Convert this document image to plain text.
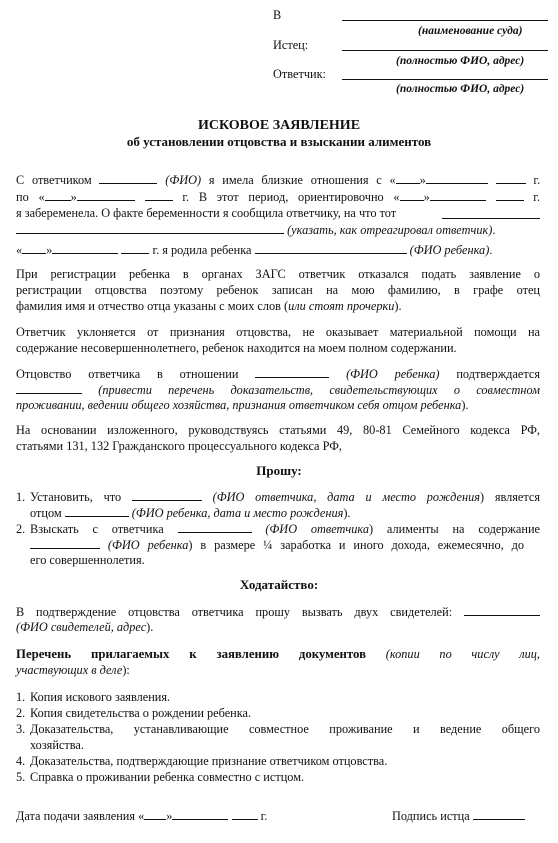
В
(наименование суда)
Истец:
(полностью ФИО, адрес)
Ответчик:
(полностью ФИО, адрес)
ИСКОВОЕ ЗАЯВЛЕНИЕ
об установлении отцовства и взыскании алиментов
С ответчиком	(ФИО) я имела близкие отношения с « »	г.
по « »	г. В этот период, ориентировочно « »	г.
я забеременела. О факте беременности я сообщила ответчику, на что тот
(указать, как отреагировал ответчик).
« »	г. я родила ребенка	(ФИО ребенка).
При регистрации ребенка в органах ЗАГС ответчик отказался подать заявление о
регистрации отцовства поэтому ребенок записан на мою фамилию, в графе отец
фамилия имя и отчество отца указаны с моих слов (или стоят прочерки).
Ответчик уклоняется от признания отцовства, не оказывает материальной помощи на
содержание несовершеннолетнего, ребенок находится на моем полном содержании.
Отцовство ответчика в отношении	(ФИО ребенка) подтверждается
(привести перечень доказательств, свидетельствующих о совместном
проживании, ведении общего хозяйства, признания ответчиком себя отцом ребенка).
На основании изложенного, руководствуясь статьями 49, 80-81 Семейного кодекса РФ,
статьями 131, 132 Гражданского процессуального кодекса РФ,
Прошу:
1. Установить, что	(ФИО ответчика, дата и место рождения) является
отцом	(ФИО ребенка, дата и место рождения).
2. Взыскать с ответчика	(ФИО ответчика) алименты на содержание
(ФИО ребенка) в размере ¼ заработка и иного дохода, ежемесячно, до
его совершеннолетия.
Ходатайство:
В подтверждение отцовства ответчика прошу вызвать двух свидетелей:
(ФИО свидетелей, адрес).
Перечень прилагаемых к заявлению документов (копии по числу лиц,
участвующих в деле):
1. Копия искового заявления.
2. Копия свидетельства о рождении ребенка.
3. Доказательства, устанавливающие совместное проживание и ведение общего
хозяйства.
4. Доказательства, подтверждающие признание ответчиком отцовства.
5. Справка о проживании ребенка совместно с истцом.
Дата подачи заявления « »	г.	Подпись истца
